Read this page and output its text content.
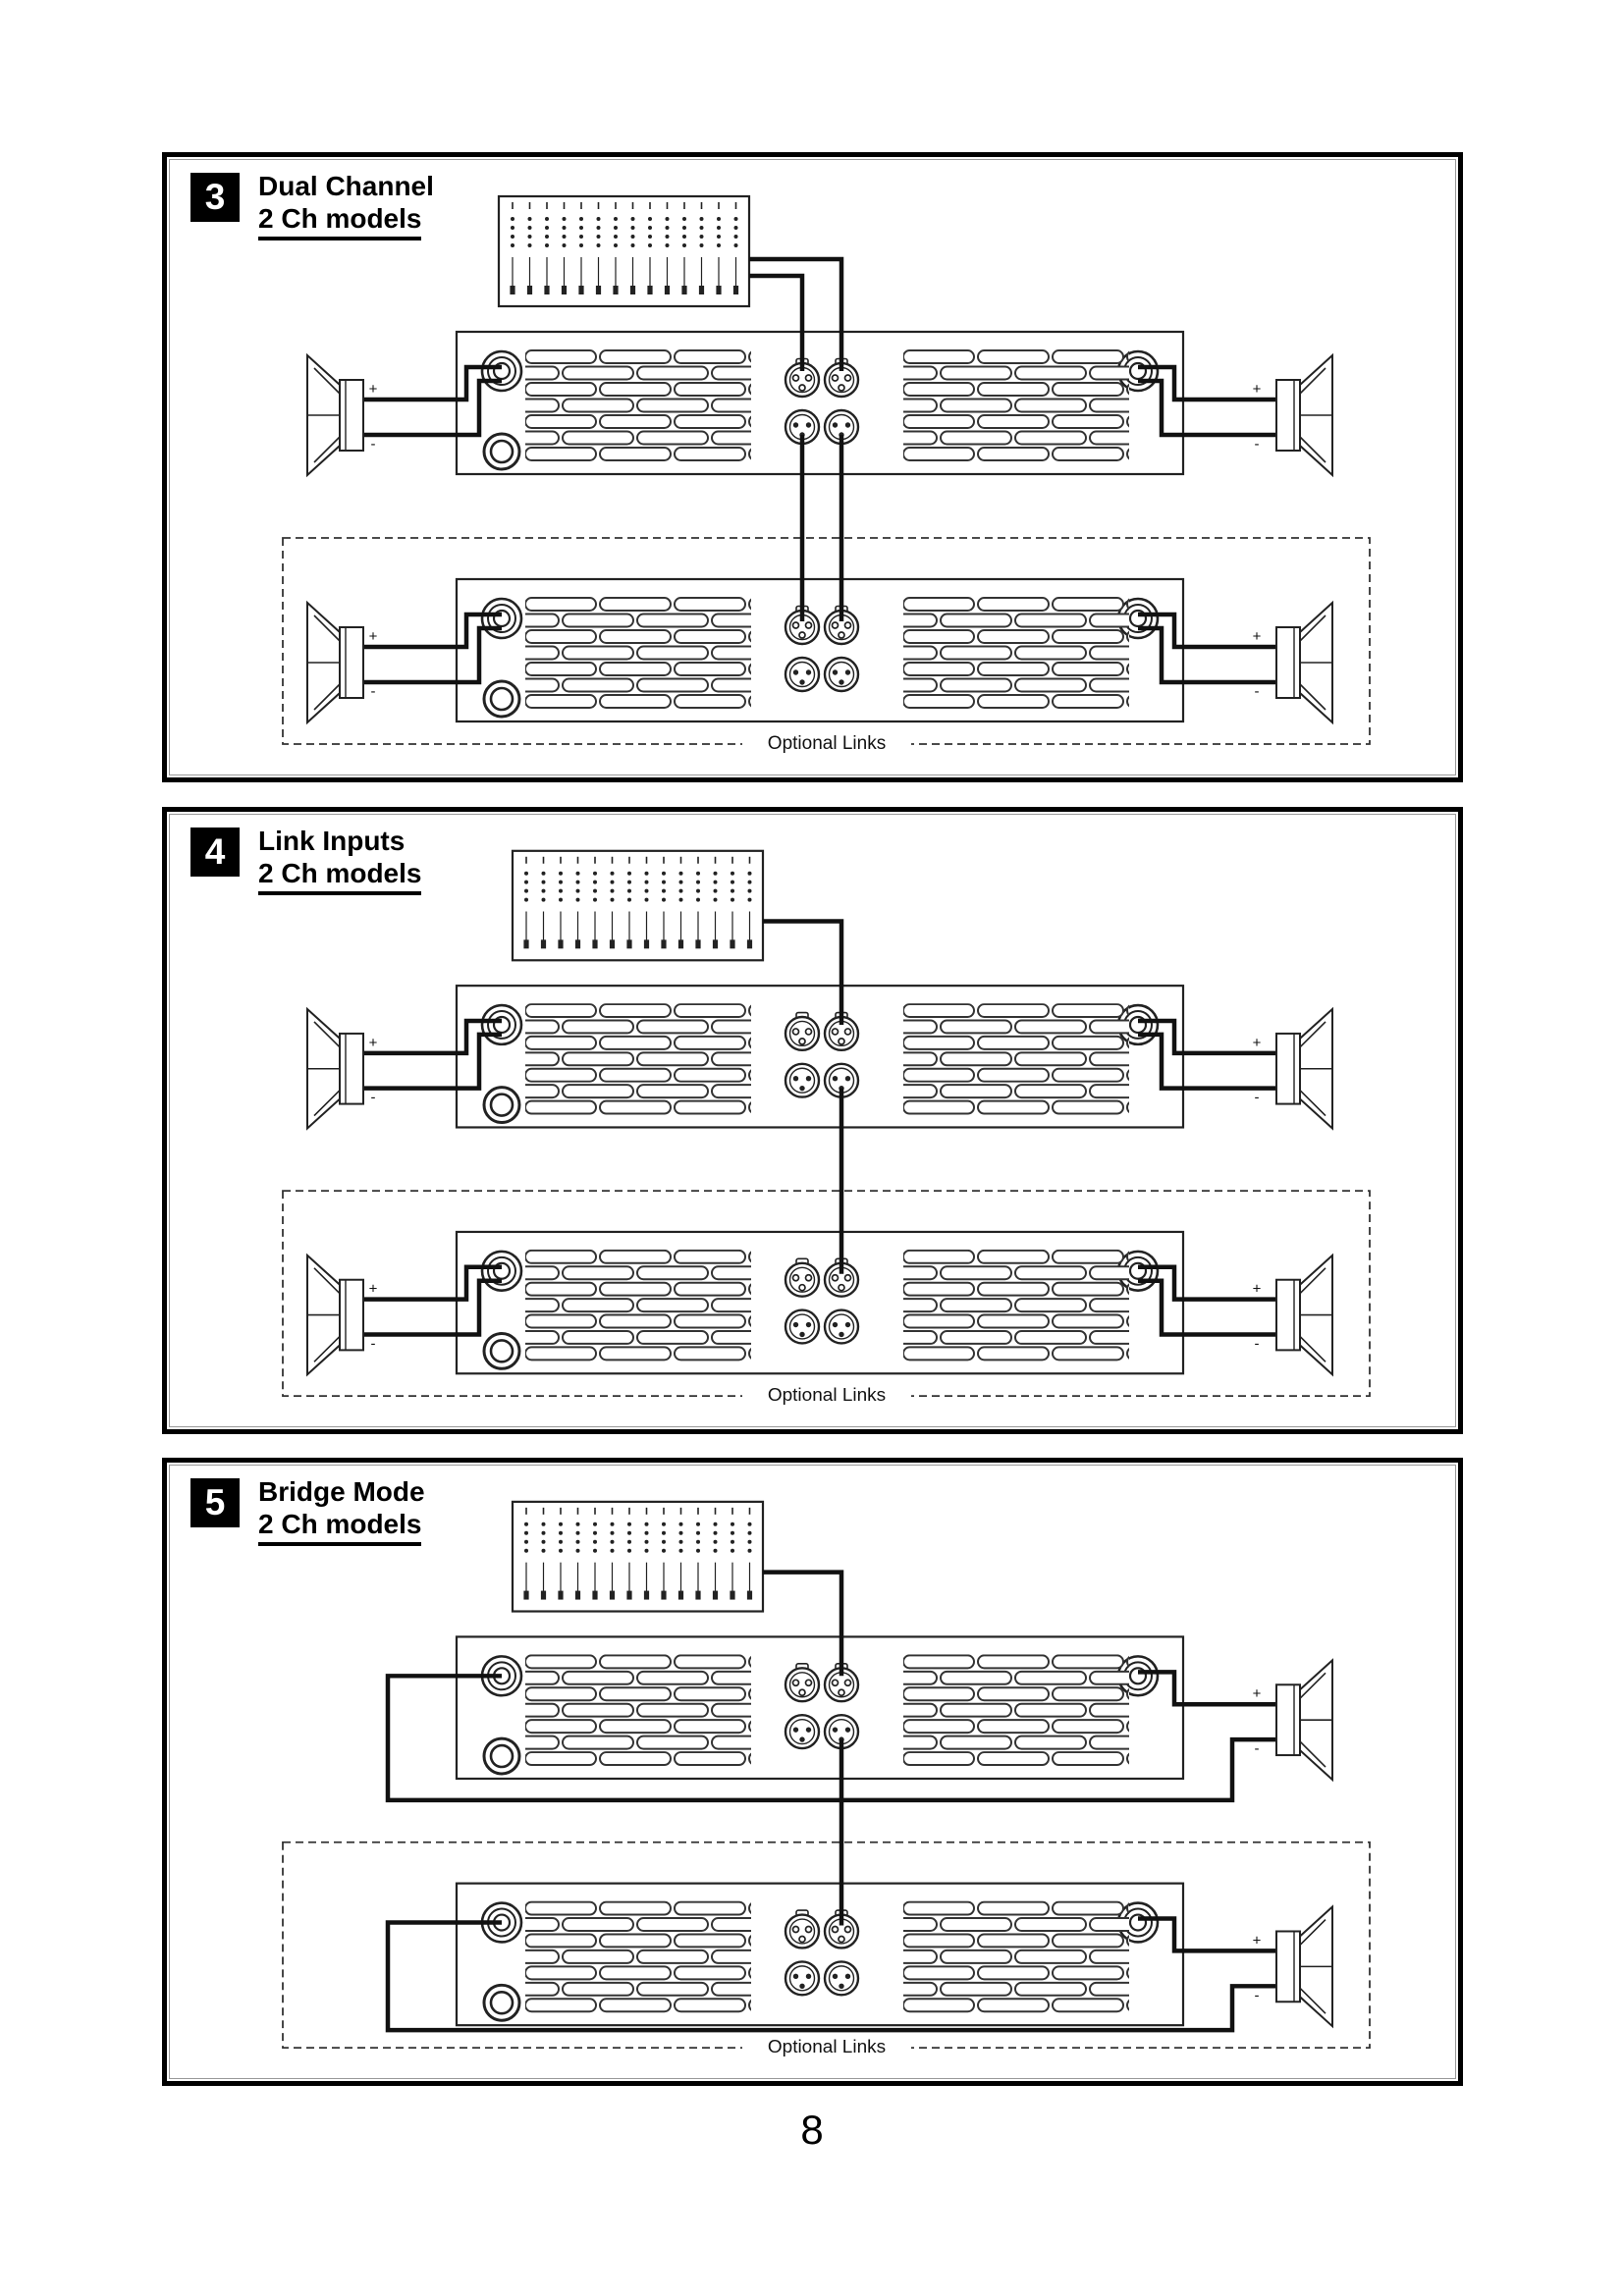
3 Dual Channel
2 Ch models
Optional Links
+
-
+
-
+
-
+
-
4 Link Inputs
2 Ch models
Optional Links
+
-
+
-
+
-
+
-
5 Bridge Mode
2 Ch models
Optional Links
+
-
+
-
8
